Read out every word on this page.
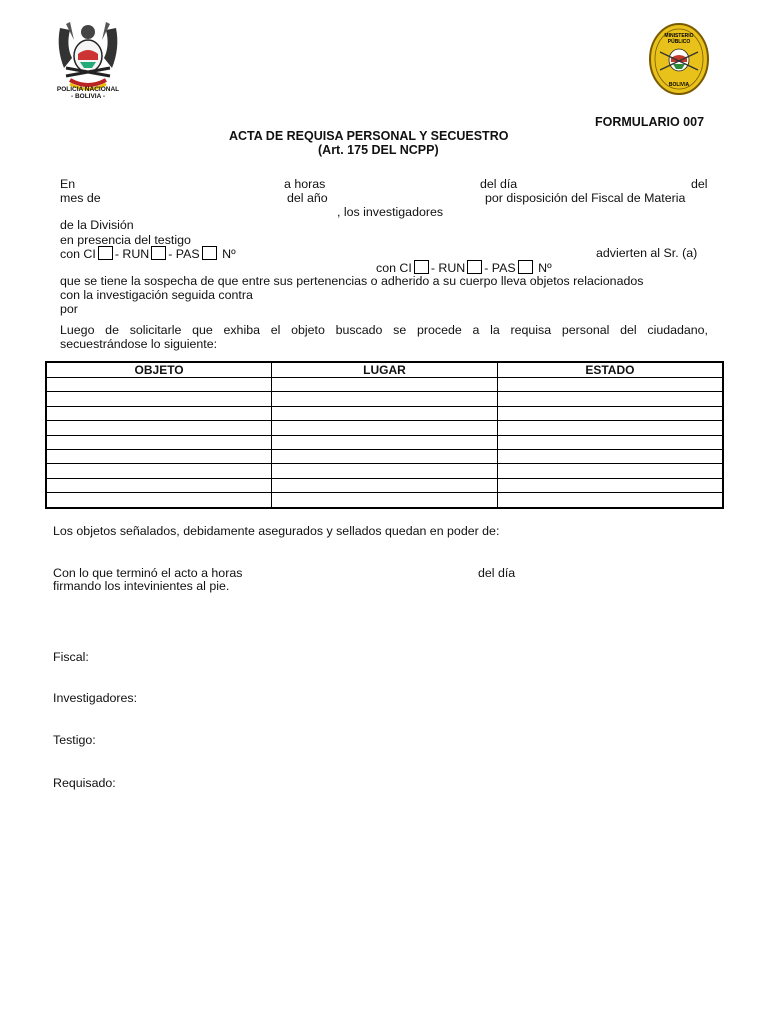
POLICIA NACIONAL
- BOLIVIA -
MINISTERIO
PÚBLICO
BOLIVIA
FORMULARIO 007
ACTA DE REQUISA PERSONAL Y SECUESTRO
(Art. 175 DEL NCPP)
En	a horas	del día	del
mes de	del año	por disposición del Fiscal de Materia
, los investigadores
de la División
en presencia del testigo
con CI - RUN - PAS Nº	advierten al Sr. (a)
con CI - RUN - PAS Nº
que se tiene la sospecha de que entre sus pertenencias o adherido a su cuerpo lleva objetos relacionados
con la investigación seguida contra
por
Luego de solicitarle que exhiba el objeto buscado se procede a la requisa personal del ciudadano,
secuestrándose lo siguiente:
OBJETO	LUGAR	ESTADO

Los objetos señalados, debidamente asegurados y sellados quedan en poder de:
Con lo que terminó el acto a horas	del día
firmando los intevinientes al pie.
Fiscal:
Investigadores:
Testigo:
Requisado:
